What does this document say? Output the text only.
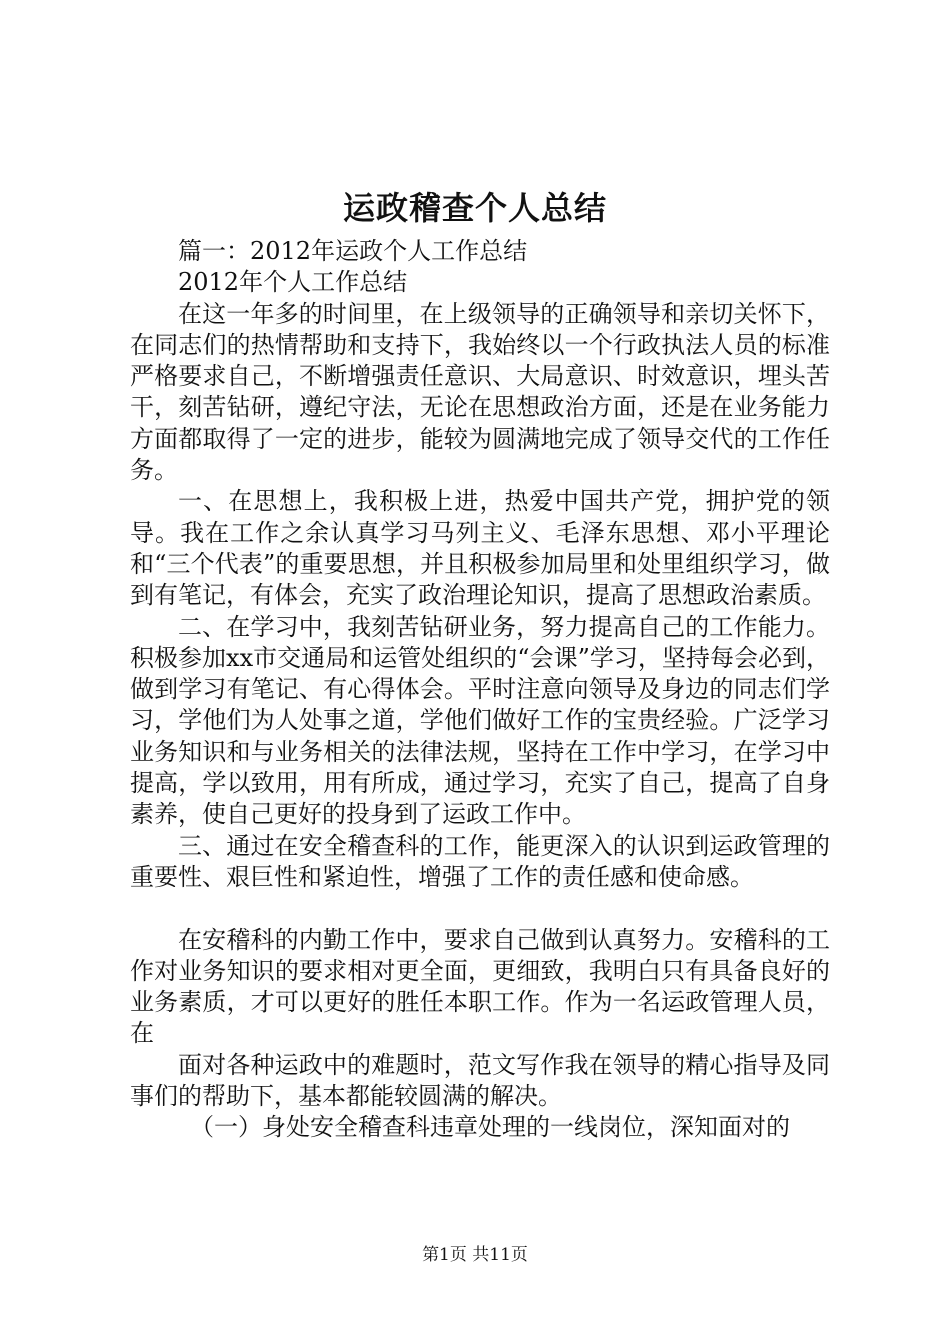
运政稽查个人总结

篇一：2012年运政个人工作总结

2012年个人工作总结

在这一年多的时间里，在上级领导的正确领导和亲切关怀下，在同志们的热情帮助和支持下，我始终以一个行政执法人员的标准严格要求自己，不断增强责任意识、大局意识、时效意识，埋头苦干，刻苦钻研，遵纪守法，无论在思想政治方面，还是在业务能力方面都取得了一定的进步，能较为圆满地完成了领导交代的工作任务。

一、在思想上，我积极上进，热爱中国共产党，拥护党的领导。我在工作之余认真学习马列主义、毛泽东思想、邓小平理论和“三个代表”的重要思想，并且积极参加局里和处里组织学习，做到有笔记，有体会，充实了政治理论知识，提高了思想政治素质。

二、在学习中，我刻苦钻研业务，努力提高自己的工作能力。积极参加xx市交通局和运管处组织的“会课”学习，坚持每会必到，做到学习有笔记、有心得体会。平时注意向领导及身边的同志们学习，学他们为人处事之道，学他们做好工作的宝贵经验。广泛学习业务知识和与业务相关的法律法规，坚持在工作中学习，在学习中提高，学以致用，用有所成，通过学习，充实了自己，提高了自身素养，使自己更好的投身到了运政工作中。

三、通过在安全稽查科的工作，能更深入的认识到运政管理的重要性、艰巨性和紧迫性，增强了工作的责任感和使命感。

在安稽科的内勤工作中，要求自己做到认真努力。安稽科的工作对业务知识的要求相对更全面，更细致，我明白只有具备良好的业务素质，才可以更好的胜任本职工作。作为一名运政管理人员，在

面对各种运政中的难题时，范文写作我在领导的精心指导及同事们的帮助下，基本都能较圆满的解决。

（一）身处安全稽查科违章处理的一线岗位，深知面对的

第1页 共11页
